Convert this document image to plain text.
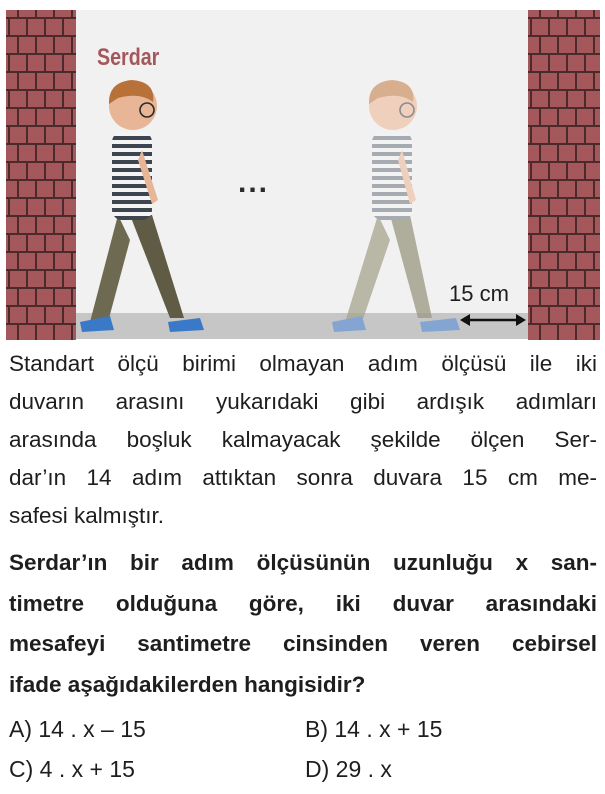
Serdar
...
15 cm
Standart ölçü birimi olmayan adım ölçüsü ile iki
duvarın arasını yukarıdaki gibi ardışık adımları
arasında boşluk kalmayacak şekilde ölçen Ser-
dar’ın 14 adım attıktan sonra duvara 15 cm me-
safesi kalmıştır.
Serdar’ın bir adım ölçüsünün uzunluğu x san-
timetre olduğuna göre, iki duvar arasındaki
mesafeyi santimetre cinsinden veren cebirsel
ifade aşağıdakilerden hangisidir?
A) 14 . x – 15	B) 14 . x + 15
C) 4 . x + 15	D) 29 . x
